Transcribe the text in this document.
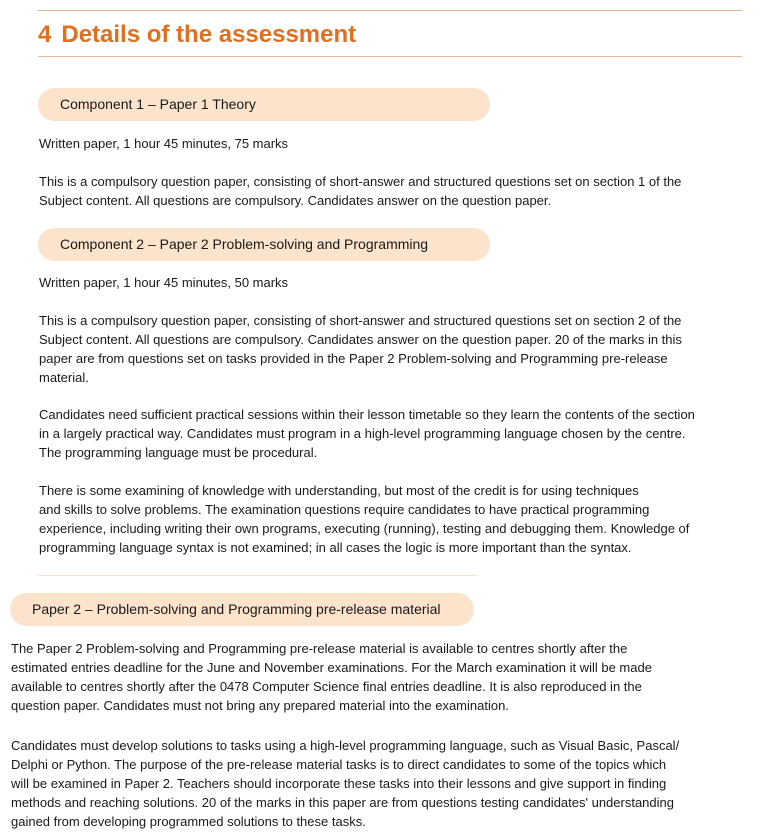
4 Details of the assessment
Component 1 – Paper 1 Theory

Written paper, 1 hour 45 minutes, 75 marks

This is a compulsory question paper, consisting of short-answer and structured questions set on section 1 of the
Subject content. All questions are compulsory. Candidates answer on the question paper.

Component 2 – Paper 2 Problem-solving and Programming

Written paper, 1 hour 45 minutes, 50 marks

This is a compulsory question paper, consisting of short-answer and structured questions set on section 2 of the
Subject content. All questions are compulsory. Candidates answer on the question paper. 20 of the marks in this
paper are from questions set on tasks provided in the Paper 2 Problem-solving and Programming pre-release
material.

Candidates need sufficient practical sessions within their lesson timetable so they learn the contents of the section
in a largely practical way. Candidates must program in a high-level programming language chosen by the centre.
The programming language must be procedural.

There is some examining of knowledge with understanding, but most of the credit is for using techniques
and skills to solve problems. The examination questions require candidates to have practical programming
experience, including writing their own programs, executing (running), testing and debugging them. Knowledge of
programming language syntax is not examined; in all cases the logic is more important than the syntax.

Paper 2 – Problem-solving and Programming pre-release material

The Paper 2 Problem-solving and Programming pre-release material is available to centres shortly after the
estimated entries deadline for the June and November examinations. For the March examination it will be made
available to centres shortly after the 0478 Computer Science final entries deadline. It is also reproduced in the
question paper. Candidates must not bring any prepared material into the examination.

Candidates must develop solutions to tasks using a high-level programming language, such as Visual Basic, Pascal/
Delphi or Python. The purpose of the pre-release material tasks is to direct candidates to some of the topics which
will be examined in Paper 2. Teachers should incorporate these tasks into their lessons and give support in finding
methods and reaching solutions. 20 of the marks in this paper are from questions testing candidates' understanding
gained from developing programmed solutions to these tasks.
